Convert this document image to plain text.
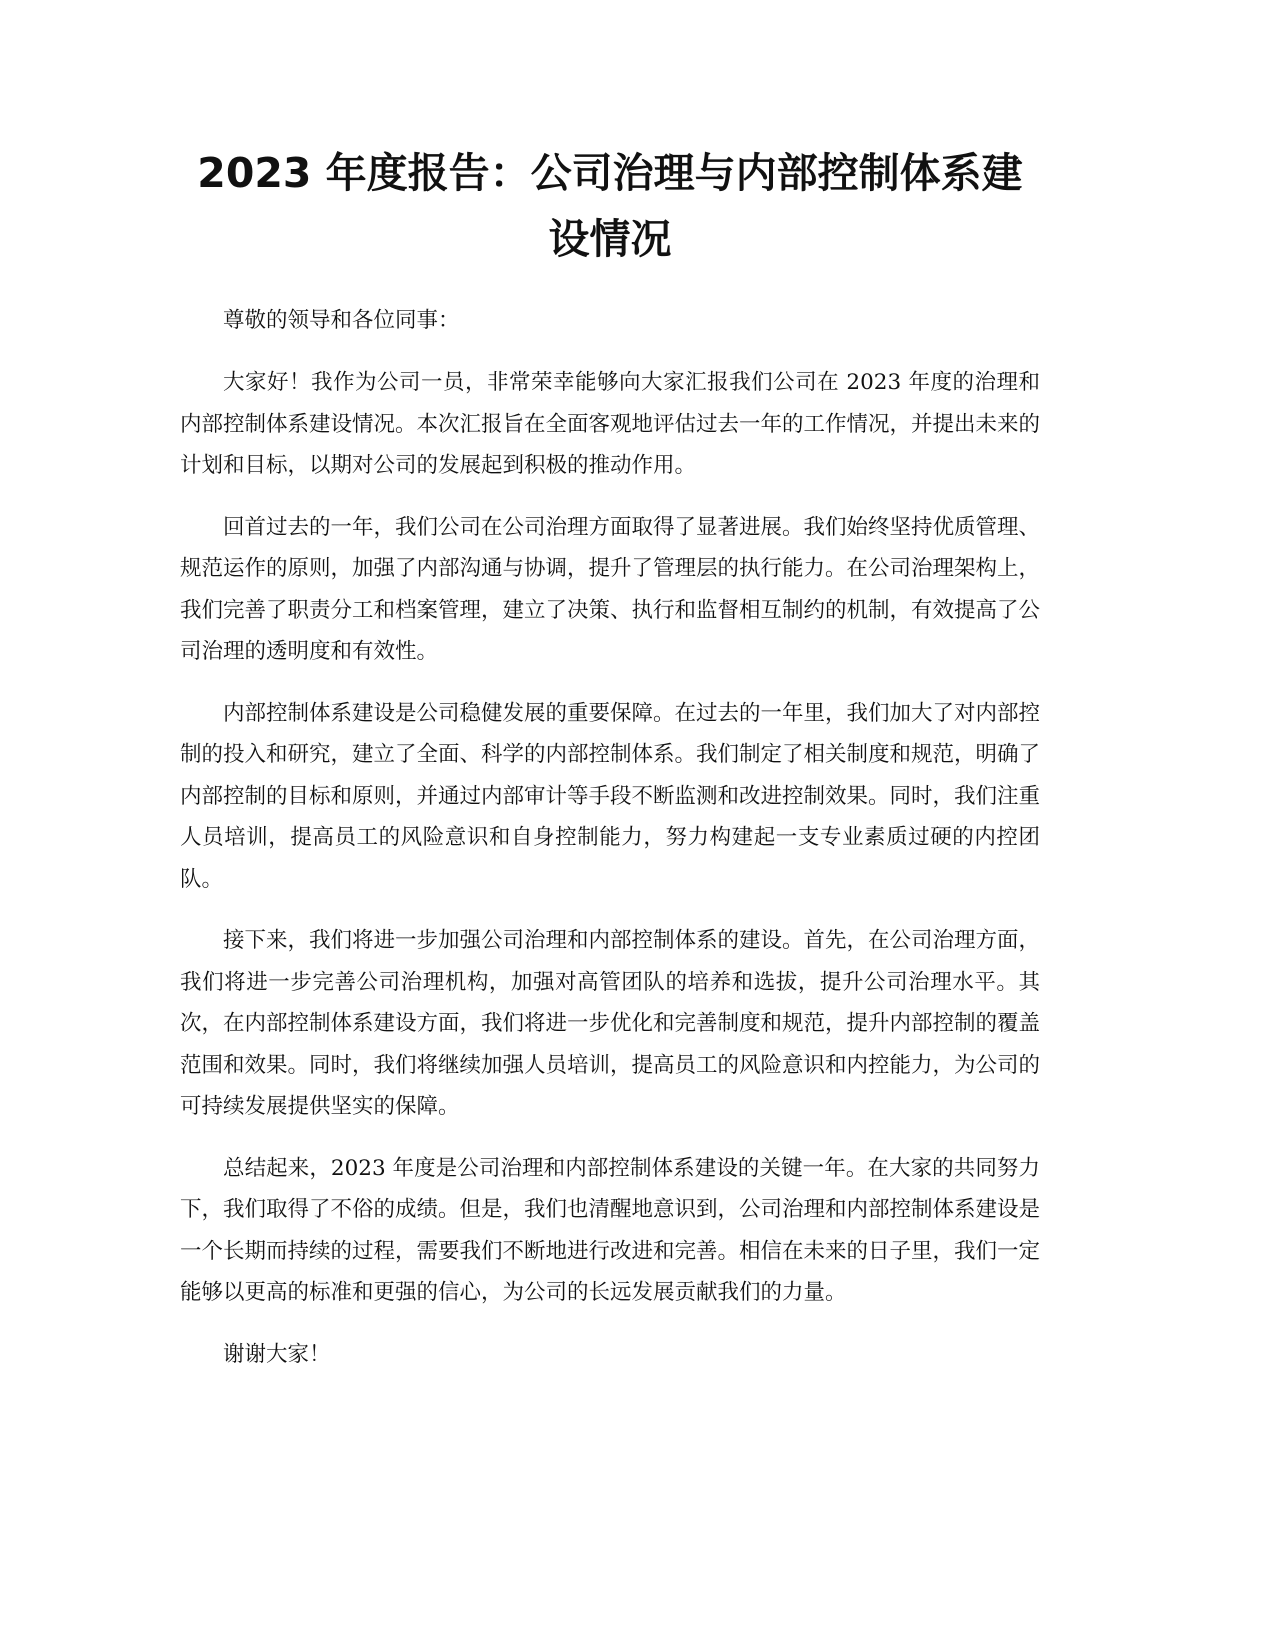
2023 年度报告：公司治理与内部控制体系建设情况

尊敬的领导和各位同事：

大家好！我作为公司一员，非常荣幸能够向大家汇报我们公司在 2023 年度的治理和内部控制体系建设情况。本次汇报旨在全面客观地评估过去一年的工作情况，并提出未来的计划和目标，以期对公司的发展起到积极的推动作用。

回首过去的一年，我们公司在公司治理方面取得了显著进展。我们始终坚持优质管理、规范运作的原则，加强了内部沟通与协调，提升了管理层的执行能力。在公司治理架构上，我们完善了职责分工和档案管理，建立了决策、执行和监督相互制约的机制，有效提高了公司治理的透明度和有效性。

内部控制体系建设是公司稳健发展的重要保障。在过去的一年里，我们加大了对内部控制的投入和研究，建立了全面、科学的内部控制体系。我们制定了相关制度和规范，明确了内部控制的目标和原则，并通过内部审计等手段不断监测和改进控制效果。同时，我们注重人员培训，提高员工的风险意识和自身控制能力，努力构建起一支专业素质过硬的内控团队。

接下来，我们将进一步加强公司治理和内部控制体系的建设。首先，在公司治理方面，我们将进一步完善公司治理机构，加强对高管团队的培养和选拔，提升公司治理水平。其次，在内部控制体系建设方面，我们将进一步优化和完善制度和规范，提升内部控制的覆盖范围和效果。同时，我们将继续加强人员培训，提高员工的风险意识和内控能力，为公司的可持续发展提供坚实的保障。

总结起来，2023 年度是公司治理和内部控制体系建设的关键一年。在大家的共同努力下，我们取得了不俗的成绩。但是，我们也清醒地意识到，公司治理和内部控制体系建设是一个长期而持续的过程，需要我们不断地进行改进和完善。相信在未来的日子里，我们一定能够以更高的标准和更强的信心，为公司的长远发展贡献我们的力量。

谢谢大家！
